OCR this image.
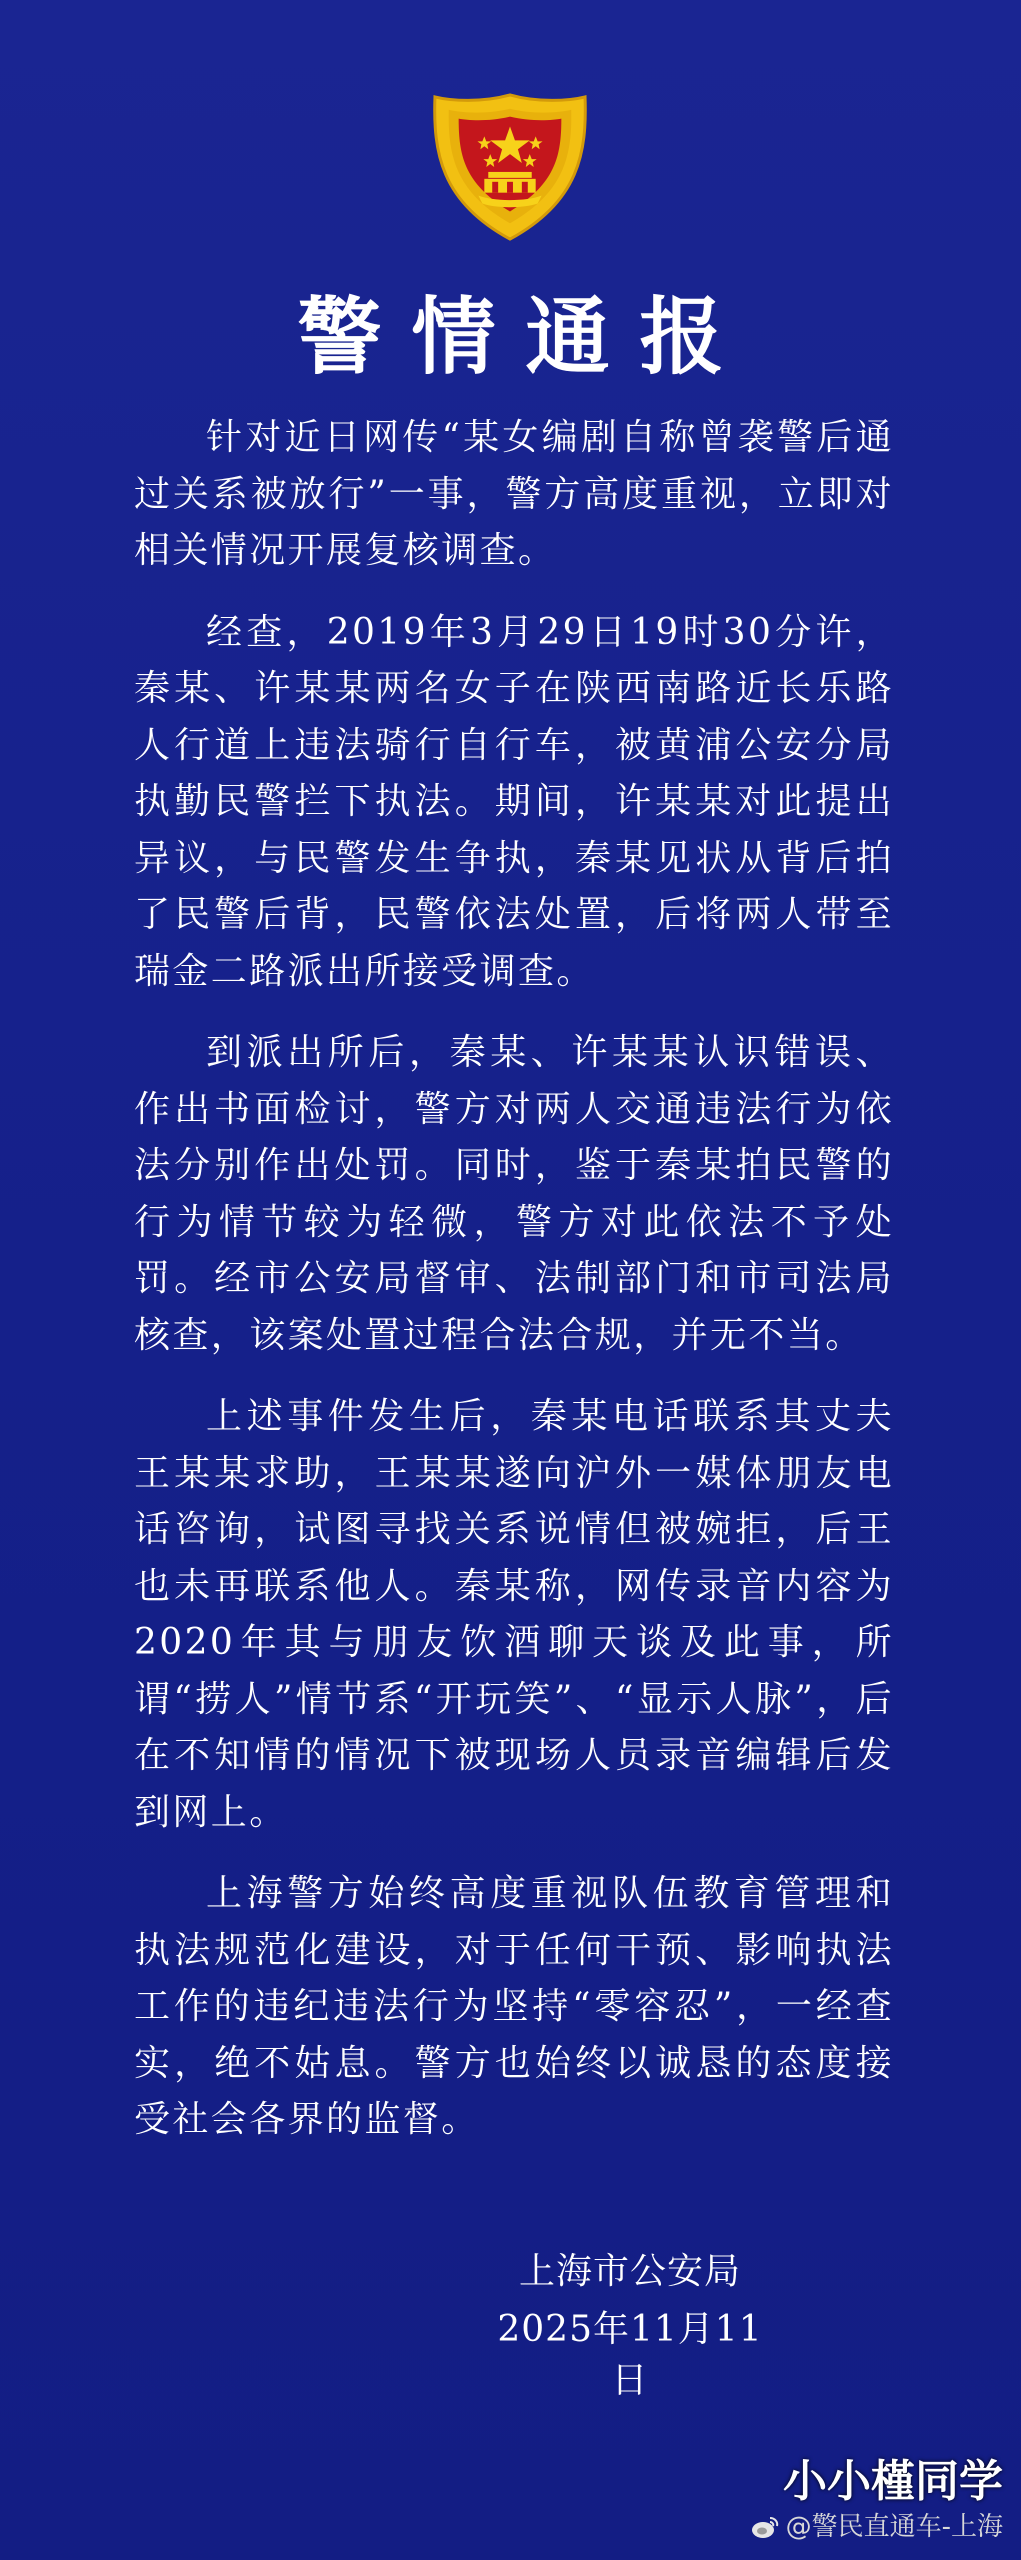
警情通报

针对近日网传“某女编剧自称曾袭警后通过关系被放行”一事，警方高度重视，立即对相关情况开展复核调查。

经查，2019年3月29日19时30分许，秦某、许某某两名女子在陕西南路近长乐路人行道上违法骑行自行车，被黄浦公安分局执勤民警拦下执法。期间，许某某对此提出异议，与民警发生争执，秦某见状从背后拍了民警后背，民警依法处置，后将两人带至瑞金二路派出所接受调查。

到派出所后，秦某、许某某认识错误、作出书面检讨，警方对两人交通违法行为依法分别作出处罚。同时，鉴于秦某拍民警的行为情节较为轻微，警方对此依法不予处罚。经市公安局督审、法制部门和市司法局核查，该案处置过程合法合规，并无不当。

上述事件发生后，秦某电话联系其丈夫王某某求助，王某某遂向沪外一媒体朋友电话咨询，试图寻找关系说情但被婉拒，后王也未再联系他人。秦某称，网传录音内容为2020年其与朋友饮酒聊天谈及此事，所谓“捞人”情节系“开玩笑”、“显示人脉”，后在不知情的情况下被现场人员录音编辑后发到网上。

上海警方始终高度重视队伍教育管理和执法规范化建设，对于任何干预、影响执法工作的违纪违法行为坚持“零容忍”，一经查实，绝不姑息。警方也始终以诚恳的态度接受社会各界的监督。

上海市公安局
2025年11月11日
小小槿同学
@警民直通车-上海
